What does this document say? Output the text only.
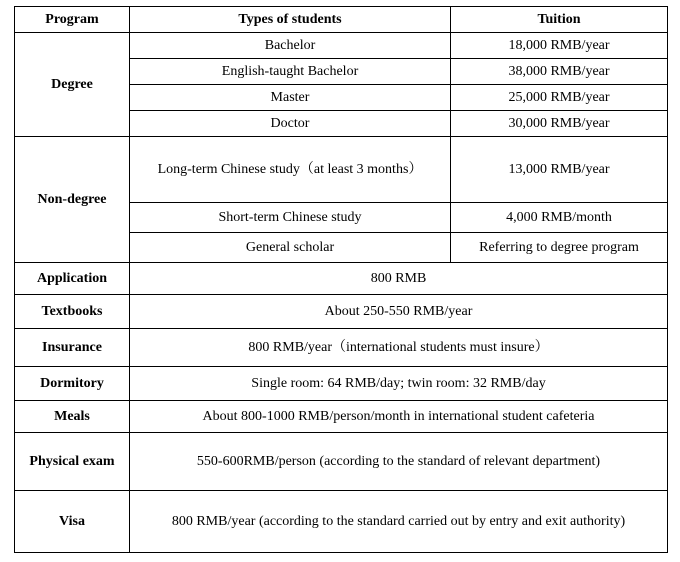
Program	Types of students	Tuition
Degree	Bachelor	18,000 RMB/year
	English-taught Bachelor	38,000 RMB/year
	Master	25,000 RMB/year
	Doctor	30,000 RMB/year
Non-degree	Long-term Chinese study（at least 3 months）	13,000 RMB/year
	Short-term Chinese study	4,000 RMB/month
	General scholar	Referring to degree program
Application	800 RMB	
Textbooks	About 250-550 RMB/year	
Insurance	800 RMB/year（international students must insure）	
Dormitory	Single room: 64 RMB/day; twin room: 32 RMB/day	
Meals	About 800-1000 RMB/person/month in international student cafeteria	
Physical exam	550-600RMB/person (according to the standard of relevant department)	
Visa	800 RMB/year (according to the standard carried out by entry and exit authority)	
